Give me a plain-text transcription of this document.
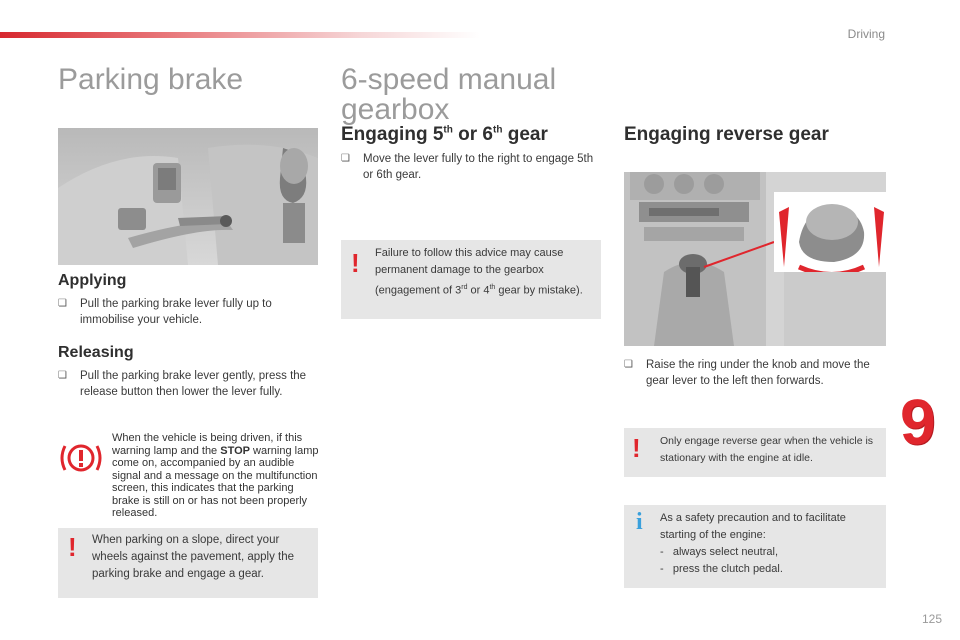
Driving
Parking brake
Applying
❏ Pull the parking brake lever fully up to immobilise your vehicle.
Releasing
❏ Pull the parking brake lever gently, press the release button then lower the lever fully.
When the vehicle is being driven, if this warning lamp and the STOP warning lamp come on, accompanied by an audible signal and a message on the multifunction screen, this indicates that the parking brake is still on or has not been properly released.
! When parking on a slope, direct your wheels against the pavement, apply the parking brake and engage a gear.
6-speed manual
gearbox
Engaging 5th or 6th gear
❏ Move the lever fully to the right to engage 5th or 6th gear.
! Failure to follow this advice may cause permanent damage to the gearbox (engagement of 3rd or 4th gear by mistake).
Engaging reverse gear
❏ Raise the ring under the knob and move the gear lever to the left then forwards.
! Only engage reverse gear when the vehicle is stationary with the engine at idle.
i As a safety precaution and to facilitate starting of the engine:
-   always select neutral,
-   press the clutch pedal.
9
125
